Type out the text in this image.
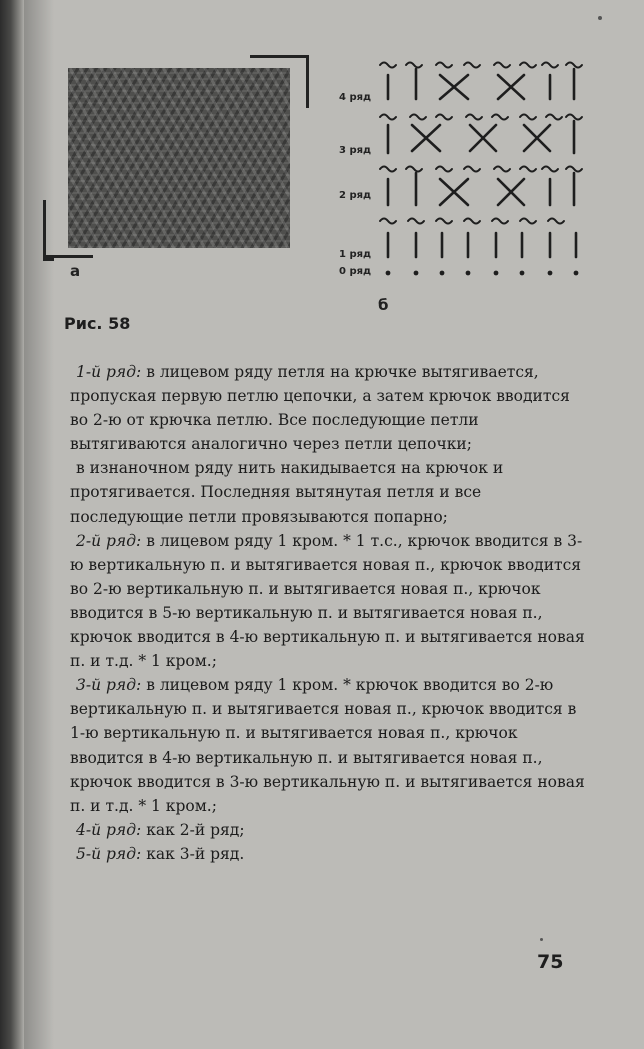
а
4 ряд
3 ряд
2 ряд
1 ряд
0 ряд
б
Рис. 58

1-й ряд: в лицевом ряду петля на крючке вытягивается, пропуская первую петлю цепочки, а затем крючок вводится во 2-ю от крючка петлю. Все последующие петли вытягиваются аналогично через петли цепочки;

в изнаночном ряду нить накидывается на крючок и протягивается. Последняя вытянутая петля и все последующие петли провязываются попарно;

2-й ряд: в лицевом ряду 1 кром. * 1 т.с., крючок вводится в 3-ю вертикальную п. и вытягивается новая п., крючок вводится во 2-ю вертикальную п. и вытягивается новая п., крючок вводится в 5-ю вертикальную п. и вытягивается новая п., крючок вводится в 4-ю вертикальную п. и вытягивается новая п. и т.д. * 1 кром.;

3-й ряд: в лицевом ряду 1 кром. * крючок вводится во 2-ю вертикальную п. и вытягивается новая п., крючок вводится в 1-ю вертикальную п. и вытягивается новая п., крючок вводится в 4-ю вертикальную п. и вытягивается новая п., крючок вводится в 3-ю вертикальную п. и вытягивается новая п. и т.д. * 1 кром.;

4-й ряд: как 2-й ряд;

5-й ряд: как 3-й ряд.

75
